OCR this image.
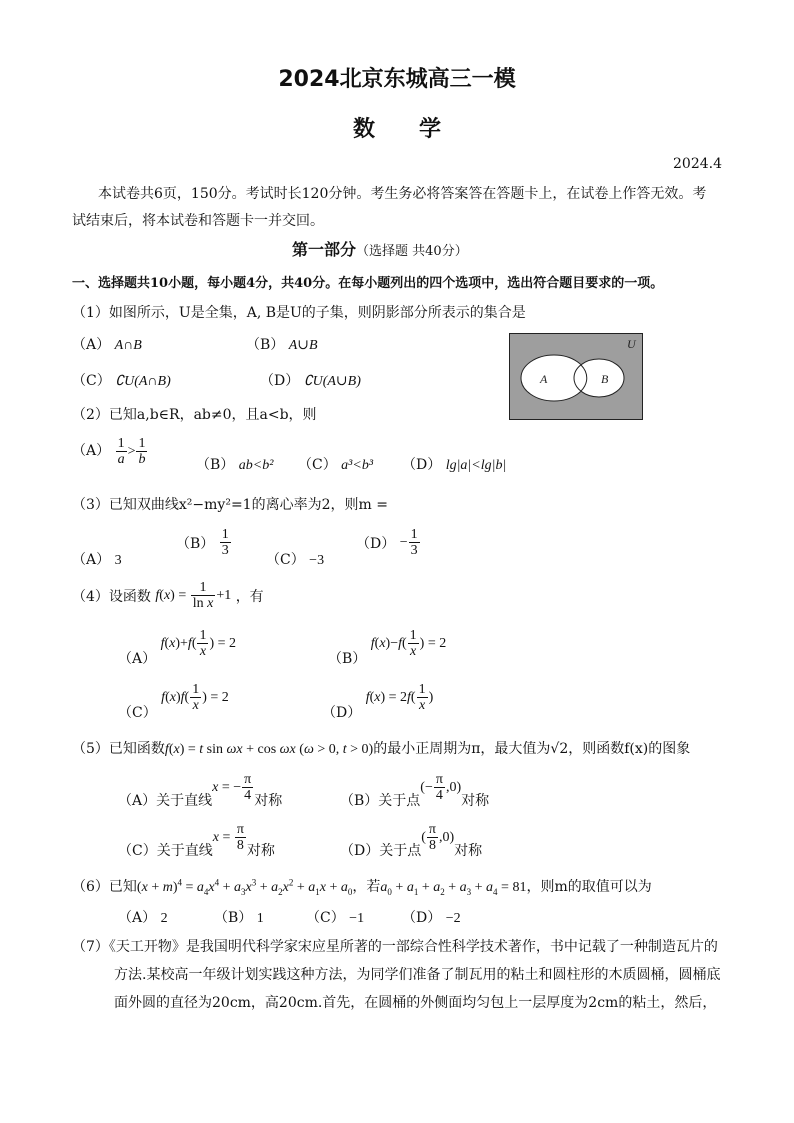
2024北京东城高三一模
数　　学
2024.4
本试卷共6页，150分。考试时长120分钟。考生务必将答案答在答题卡上，在试卷上作答无效。考
试结束后，将本试卷和答题卡一并交回。
第一部分（选择题 共40分）
一、选择题共10小题，每小题4分，共40分。在每小题列出的四个选项中，选出符合题目要求的一项。
（1）如图所示，U是全集，A, B是U的子集，则阴影部分所表示的集合是
（A） A∩B	（B） A∪B
（C） ∁U(A∩B)	（D） ∁U(A∪B)
U
A	B
（2）已知a,b∈R，ab≠0，且a<b，则
$(A) \frac{1}{a} > \frac{1}{b}$	（B） ab<b² （C） a³<b³ （D） lg|a|<lg|b|
（3）已知双曲线x²−my²=1的离心率为2，则m =
（A） 3
$(B) \frac{1}{3}$
（C） −3
$(D) - \frac{1}{3}$
（4）设函数 $f(x) = \frac{1}{\text{ln x}} +1$ ，有
（A） $f(x)+f( \frac{1}{x}$ ) = 2
（B） $f(x)-f( \frac{1}{x}$ ) = 2
（C） $f(x)f( \frac{1}{x}$ ) = 2
（D） $f(x) = 2f( \frac{1}{x}$ )
（5）已知函数f(x) = t sin ωx + cos ωx (ω > 0, t > 0)的最小正周期为π，最大值为√2，则函数f(x)的图象
（A）关于直线x = − $\frac{\pi}{4}$ 对称	（B）关于点(− $\frac{\pi}{4} ,0$)对称
（C）关于直线$x = \frac{\pi}{8}$ 对称	（D）关于点( $\frac{\pi}{8} ,0$)对称
（6）已知$(x + m)^4 = a_4x^4 + a_3x^3 + a_2x^2 + a_1x + a_0$，若$a_0 + a_1 + a_2 + a_3 + a_4 = 81$，则m的取值可以为
（A） 2	（B） 1	（C） −1	（D） −2
（7）《天工开物》是我国明代科学家宋应星所著的一部综合性科学技术著作，书中记载了一种制造瓦片的
方法.某校高一年级计划实践这种方法，为同学们准备了制瓦用的粘土和圆柱形的木质圆桶，圆桶底
面外圆的直径为20cm，高20cm.首先，在圆桶的外侧面均匀包上一层厚度为2cm的粘土，然后，
